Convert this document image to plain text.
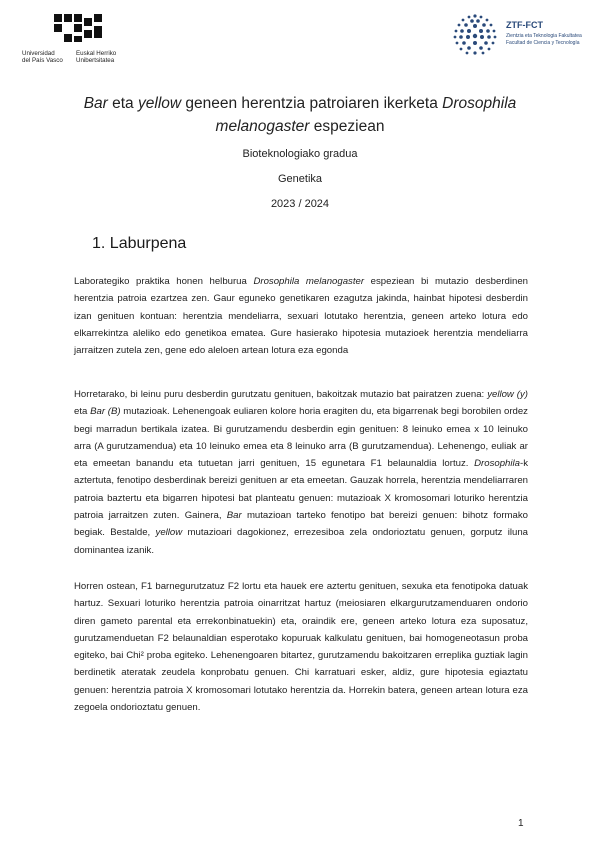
Universidad
del País Vasco
Euskal Herriko
Unibertsitatea
ZTF-FCT
Zientzia eta Teknologia Fakultatea
Facultad de Ciencia y Tecnología
Bar eta yellow geneen herentzia patroiaren ikerketa Drosophila melanogaster espeziean
Bioteknologiako gradua
Genetika
2023 / 2024
1. Laburpena

Laborategiko praktika honen helburua Drosophila melanogaster espeziean bi mutazio desberdinen herentzia patroia ezartzea zen. Gaur eguneko genetikaren ezagutza jakinda, hainbat hipotesi desberdin izan genituen kontuan: herentzia mendeliarra, sexuari lotutako herentzia, geneen arteko lotura edo elkarrekintza aleliko edo genetikoa ematea. Gure hasierako hipotesia mutazioek herentzia mendeliarra jarraitzen zutela zen, gene edo aleloen artean lotura eza egonda

Horretarako, bi leinu puru desberdin gurutzatu genituen, bakoitzak mutazio bat pairatzen zuena: yellow (y) eta Bar (B) mutazioak. Lehenengoak euliaren kolore horia eragiten du, eta bigarrenak begi borobilen ordez begi marradun bertikala izatea. Bi gurutzamendu desberdin egin genituen: 8 leinuko emea x 10 leinuko arra (A gurutzamendua) eta 10 leinuko emea eta 8 leinuko arra (B gurutzamendua). Lehenengo, euliak ar eta emeetan banandu eta tutuetan jarri genituen, 15 egunetara F1 belaunaldia lortuz. Drosophila-k aztertuta, fenotipo desberdinak bereizi genituen ar eta emeetan. Gauzak horrela, herentzia mendeliarraren patroia baztertu eta bigarren hipotesi bat planteatu genuen: mutazioak X kromosomari loturiko herentzia patroia jarraitzen zuten. Gainera, Bar mutazioan tarteko fenotipo bat bereizi genuen: bihotz formako begiak. Bestalde, yellow mutazioari dagokionez, errezesiboa zela ondorioztatu genuen, gorputz iluna dominantea izanik.

Horren ostean, F1 barnegurutzatuz F2 lortu eta hauek ere aztertu genituen, sexuka eta fenotipoka datuak hartuz. Sexuari loturiko herentzia patroia oinarritzat hartuz (meiosiaren elkargurutzamenduaren ondorio diren gameto parental eta errekonbinatuekin) eta, oraindik ere, geneen arteko lotura eza suposatuz, gurutzamenduetan F2 belaunaldian esperotako kopuruak kalkulatu genituen, bai homogeneotasun proba egiteko, bai Chi² proba egiteko. Lehenengoaren bitartez, gurutzamendu bakoitzaren erreplika guztiak lagin berdinetik ateratak zeudela konprobatu genuen. Chi karratuari esker, aldiz, gure hipotesia egiaztatu genuen: herentzia patroia X kromosomari lotutako herentzia da. Horrekin batera, geneen artean lotura eza zegoela ondorioztatu genuen.

1
